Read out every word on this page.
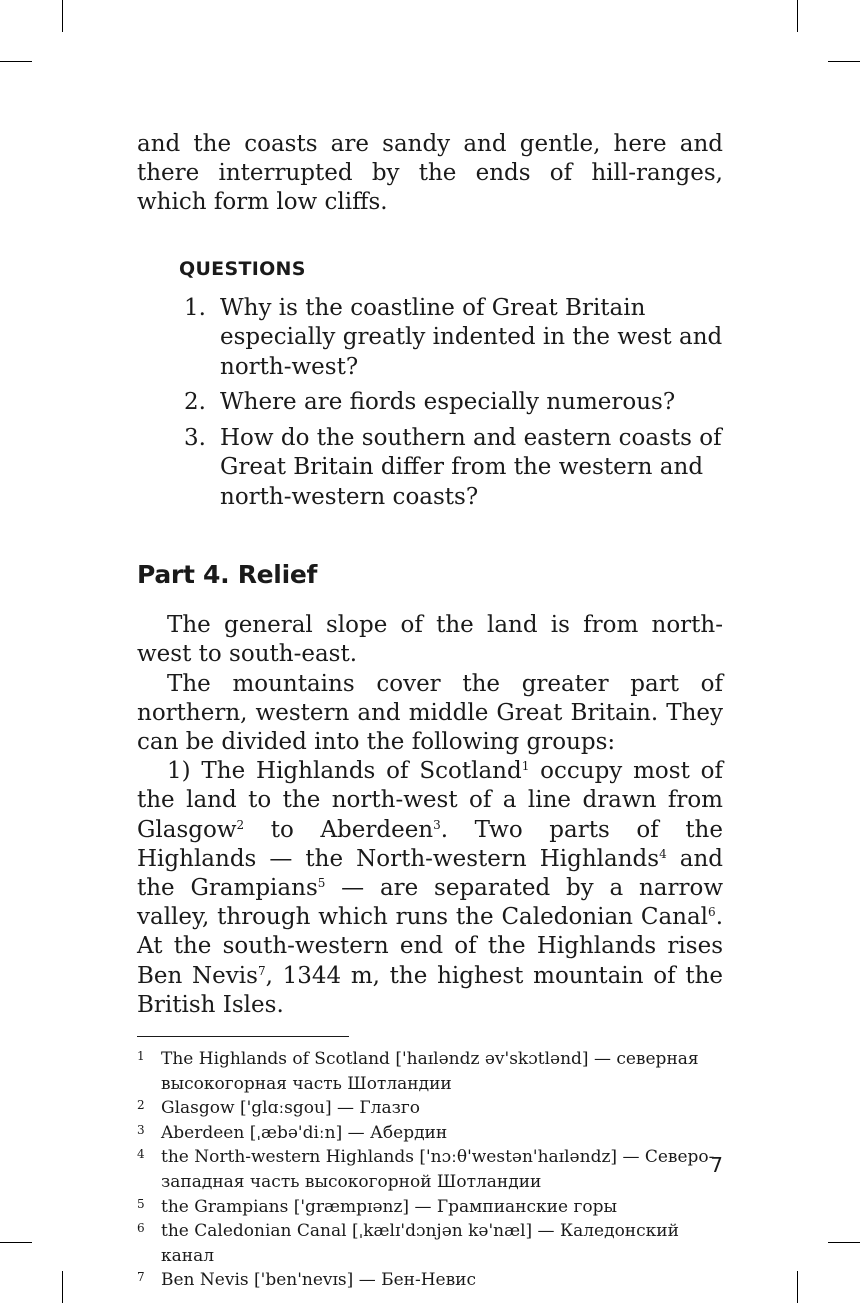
and the coasts are sandy and gentle, here and there interrupted by the ends of hill-ranges, which form low cliffs.

QUESTIONS
1. Why is the coastline of Great Britain especially greatly indented in the west and north-west?
2. Where are fiords especially numerous?
3. How do the southern and eastern coasts of Great Britain differ from the western and north-western coasts?
Part 4. Relief

The general slope of the land is from north-west to south-east.

The mountains cover the greater part of northern, western and middle Great Britain. They can be divided into the following groups:

1) The Highlands of Scotland$^1$ occupy most of the land to the north-west of a line drawn from Glasgow$^2$ to Aberdeen$^3$. Two parts of the Highlands — the North-western Highlands$^4$ and the Grampians$^5$ — are separated by a narrow valley, through which runs the Caledonian Canal$^6$. At the south-western end of the Highlands rises Ben Nevis$^7$, 1344 m, the highest mountain of the British Isles.

1 The Highlands of Scotland ['haɪləndz əv'skɔtlənd] — северная высокогорная часть Шотландии
2 Glasgow ['glɑːsgou] — Глазго
3 Aberdeen [ˌæbə'diːn] — Абердин
4 the North-western Highlands ['nɔːθ'westən'haɪləndz] — Северо-западная часть высокогорной Шотландии
5 the Grampians ['græmpɪənz] — Грампианские горы
6 the Caledonian Canal [ˌkælɪ'dɔnjən kə'næl] — Каледонский канал
7 Ben Nevis ['ben'nevɪs] — Бен-Невис
7
